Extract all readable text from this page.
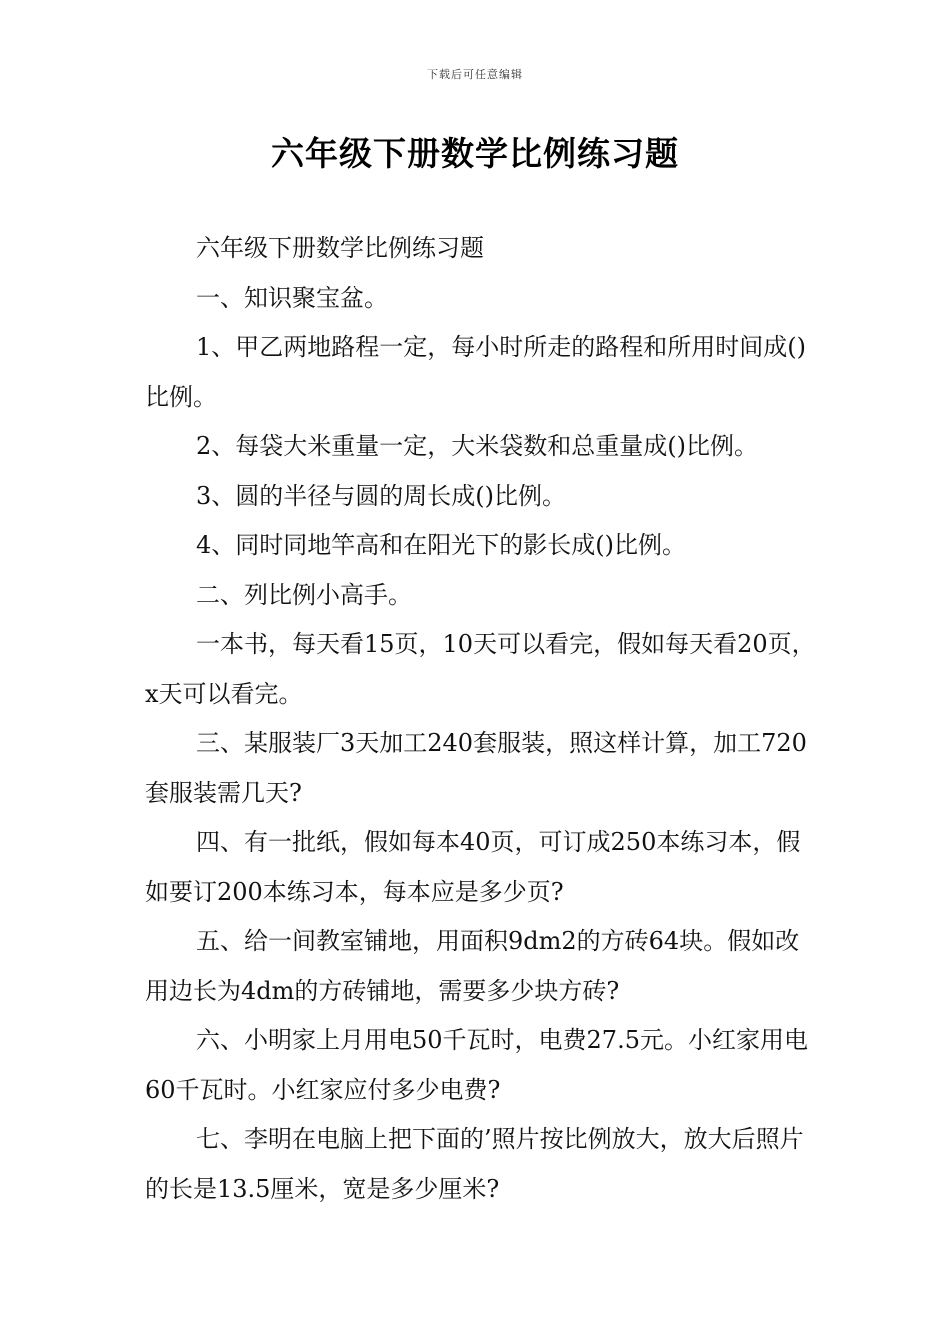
下载后可任意编辑
六年级下册数学比例练习题

六年级下册数学比例练习题

一、知识聚宝盆。

1、甲乙两地路程一定，每小时所走的路程和所用时间成()比例。

2、每袋大米重量一定，大米袋数和总重量成()比例。

3、圆的半径与圆的周长成()比例。

4、同时同地竿高和在阳光下的影长成()比例。

二、列比例小高手。

一本书，每天看15页，10天可以看完，假如每天看20页，x天可以看完。

三、某服装厂3天加工240套服装，照这样计算，加工720套服装需几天?

四、有一批纸，假如每本40页，可订成250本练习本，假如要订200本练习本，每本应是多少页?

五、给一间教室铺地，用面积9dm2的方砖64块。假如改用边长为4dm的方砖铺地，需要多少块方砖?

六、小明家上月用电50千瓦时，电费27.5元。小红家用电60千瓦时。小红家应付多少电费?

七、李明在电脑上把下面的’照片按比例放大，放大后照片的长是13.5厘米，宽是多少厘米?
